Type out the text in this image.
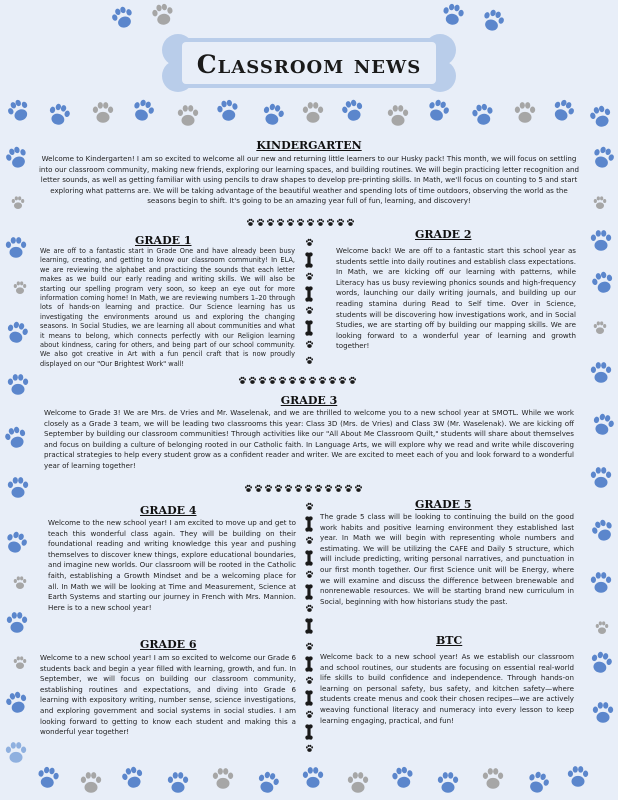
Classroom news
KINDERGARTEN
Welcome to Kindergarten! I am so excited to welcome all our new and returning little learners to our Husky pack! This month, we will focus on settling into our classroom community, making new friends, exploring our learning spaces, and building routines. We will begin practicing letter recognition and letter sounds, as well as getting familiar with using pencils to draw shapes to develop pre-printing skills. In Math, we'll focus on counting to 5 and start exploring what patterns are. We will be taking advantage of the beautiful weather and spending lots of time outdoors, observing the world as the seasons begin to shift. It's going to be an amazing year full of fun, learning, and discovery!
GRADE 1
We are off to a fantastic start in Grade One and have already been busy learning, creating, and getting to know our classroom community! In ELA, we are reviewing the alphabet and practicing the sounds that each letter makes as we build our early reading and writing skills. We will also be starting our spelling program very soon, so keep an eye out for more information coming home! In Math, we are reviewing numbers 1–20 through lots of hands-on learning and practice. Our Science learning has us investigating the environments around us and exploring the changing seasons. In Social Studies, we are learning all about communities and what it means to belong, which connects perfectly with our Religion learning about kindness, caring for others, and being part of our school community. We also got creative in Art with a fun pencil craft that is now proudly displayed on our "Our Brightest Work" wall!
GRADE 2
Welcome back! We are off to a fantastic start this school year as students settle into daily routines and establish class expectations. In Math, we are kicking off our learning with patterns, while Literacy has us busy reviewing phonics sounds and high-frequency words, launching our daily writing journals, and building up our reading stamina during Read to Self time. Over in Science, students will be discovering how investigations work, and in Social Studies, we are starting off by building our mapping skills. We are looking forward to a wonderful year of learning and growth together!
GRADE 3
Welcome to Grade 3! We are Mrs. de Vries and Mr. Waselenak, and we are thrilled to welcome you to a new school year at SMOTL. While we work closely as a Grade 3 team, we will be leading two classrooms this year: Class 3D (Mrs. de Vries) and Class 3W (Mr. Waselenak). We are kicking off September by building our classroom communities! Through activities like our "All About Me Classroom Quilt," students will share about themselves and focus on building a culture of belonging rooted in our Catholic faith. In Language Arts, we will explore why we read and write while discovering practical strategies to help every student grow as a confident reader and writer. We are excited to meet each of you and look forward to a wonderful year of learning together!
GRADE 4
Welcome to the new school year! I am excited to move up and get to teach this wonderful class again. They will be building on their foundational reading and writing knowledge this year and pushing themselves to discover knew things, explore educational boundaries, and imagine new worlds. Our classroom will be rooted in the Catholic faith, establishing a Growth Mindset and be a welcoming place for all. In Math we will be looking at Time and Measurement, Science at Earth Systems and starting our journey in French with Mrs. Mannion. Here is to a new school year!
GRADE 5
The grade 5 class will be looking to continuing the build on the good work habits and positive learning environment they established last year. In Math we will begin with representing whole numbers and estimating. We will be utilizing the CAFE and Daily 5 structure, which will include predicting, writing personal narratives, and punctuation in our first month together. Our first Science unit will be Energy, where we will examine and discuss the difference between brenewable and nonrenewable resources. We will be starting brand new curriculum in Social, beginning with how historians study the past.
GRADE 6
Welcome to a new school year! I am so excited to welcome our Grade 6 students back and begin a year filled with learning, growth, and fun. In September, we will focus on building our classroom community, establishing routines and expectations, and diving into Grade 6 learning with expository writing, number sense, science investigations, and exploring government and social systems in social studies. I am looking forward to getting to know each student and making this a wonderful year together!
BTC
Welcome back to a new school year! As we establish our classroom and school routines, our students are focusing on essential real-world life skills to build confidence and independence. Through hands-on learning on personal safety, bus safety, and kitchen safety—where students create menus and cook their chosen recipes—we are actively weaving functional literacy and numeracy into every lesson to keep learning engaging, practical, and fun!
